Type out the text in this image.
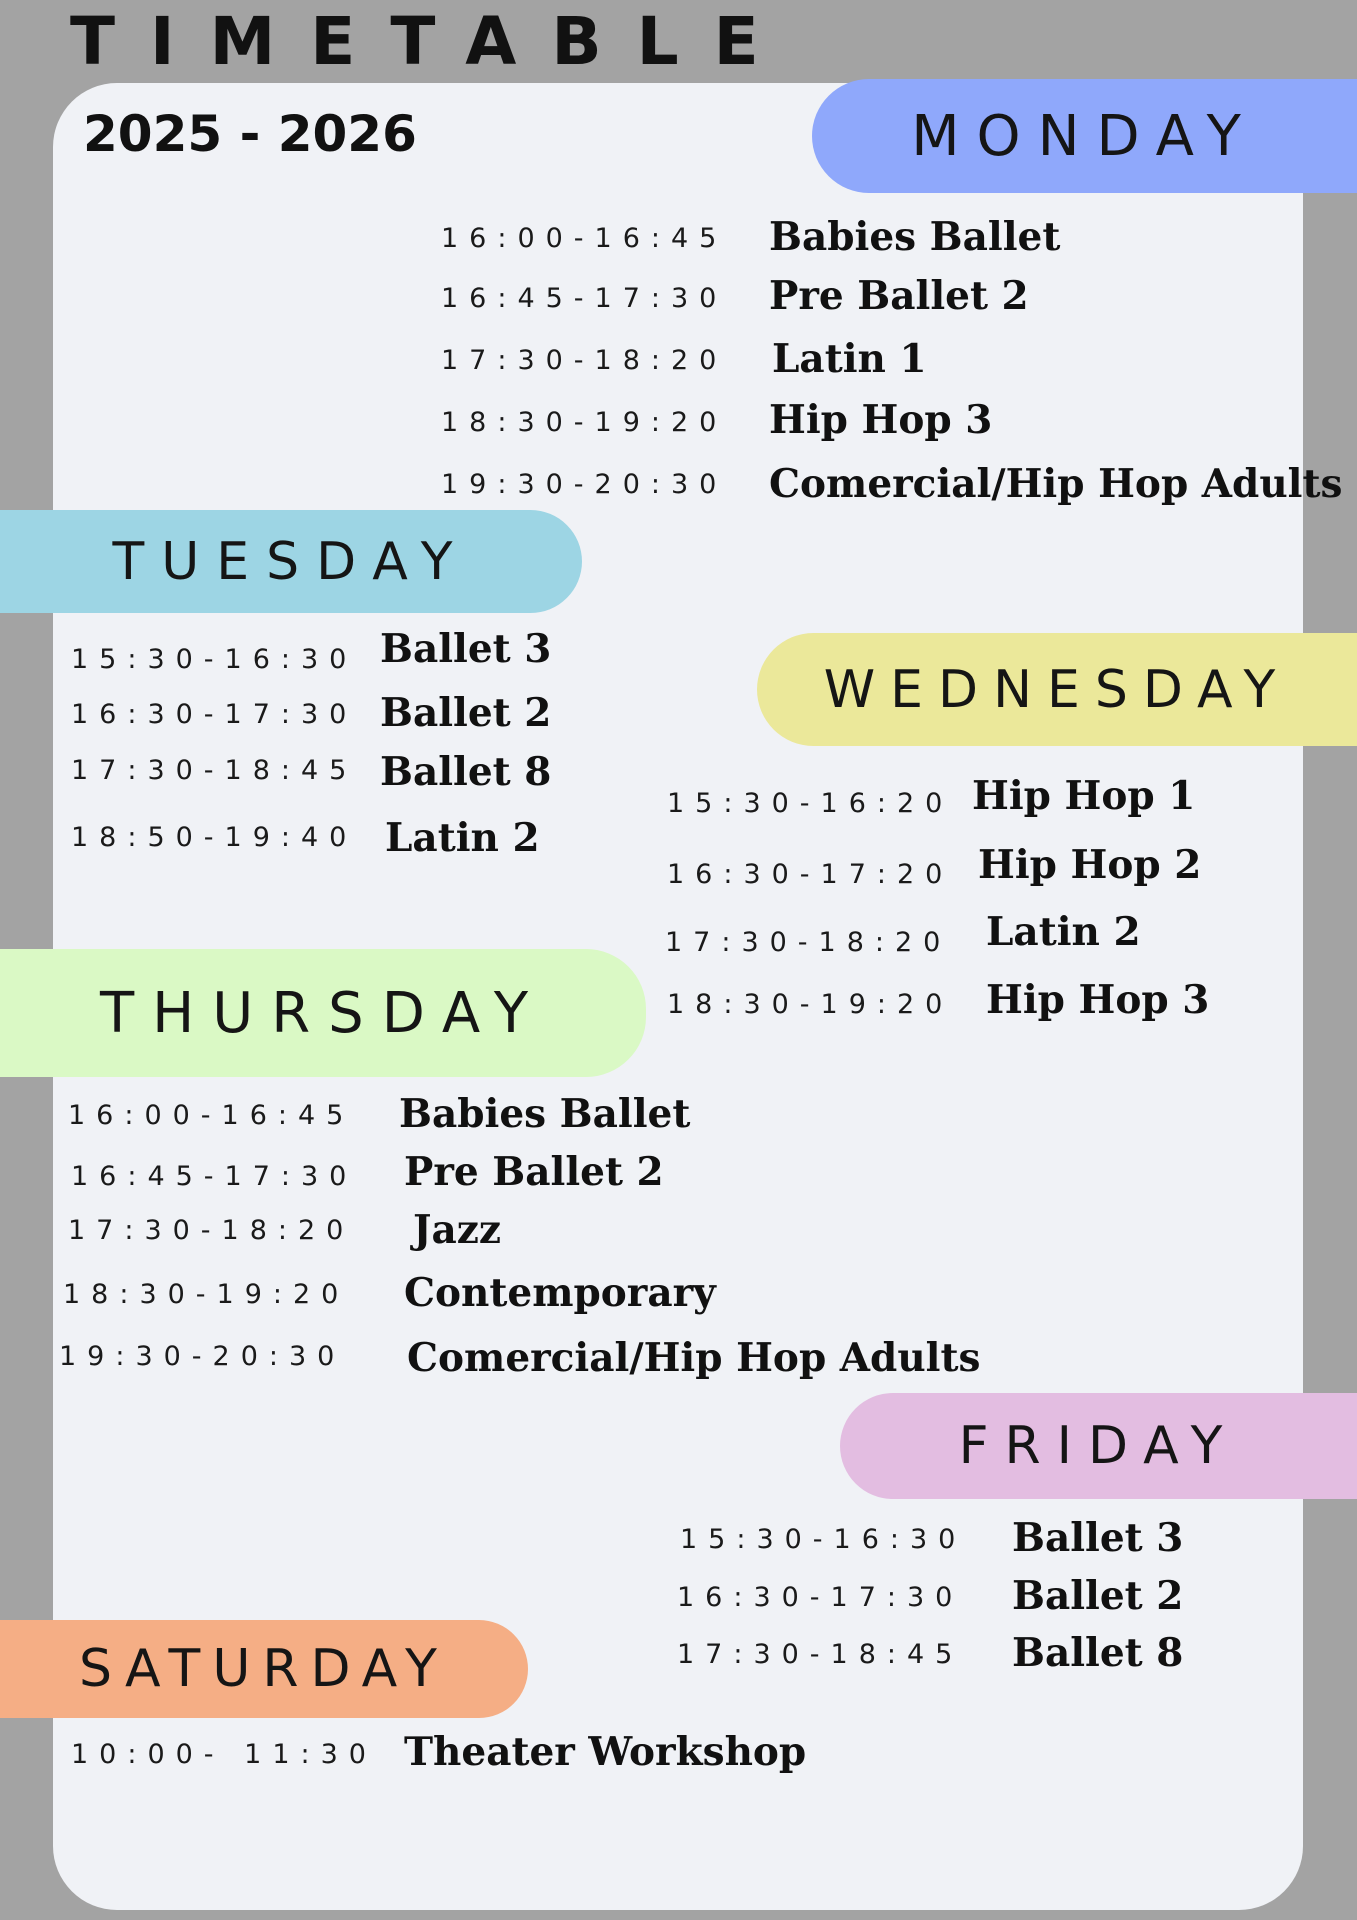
TIMETABLE
2025 - 2026	MONDAY
16:00-16:45 Babies Ballet
16:45-17:30 Pre Ballet 2
17:30-18:20 Latin 1
18:30-19:20 Hip Hop 3
19:30-20:30 Comercial/Hip Hop Adults
TUESDAY
15:30-16:30 Ballet 3
16:30-17:30 Ballet 2
17:30-18:45 Ballet 8
18:50-19:40 Latin 2
WEDNESDAY
15:30-16:20 Hip Hop 1
16:30-17:20 Hip Hop 2
17:30-18:20 Latin 2
18:30-19:20 Hip Hop 3
THURSDAY
16:00-16:45 Babies Ballet
16:45-17:30 Pre Ballet 2
17:30-18:20 Jazz
18:30-19:20 Contemporary
19:30-20:30 Comercial/Hip Hop Adults
FRIDAY
15:30-16:30 Ballet 3
16:30-17:30 Ballet 2
17:30-18:45 Ballet 8
SATURDAY
10:00- 11:30 Theater Workshop
